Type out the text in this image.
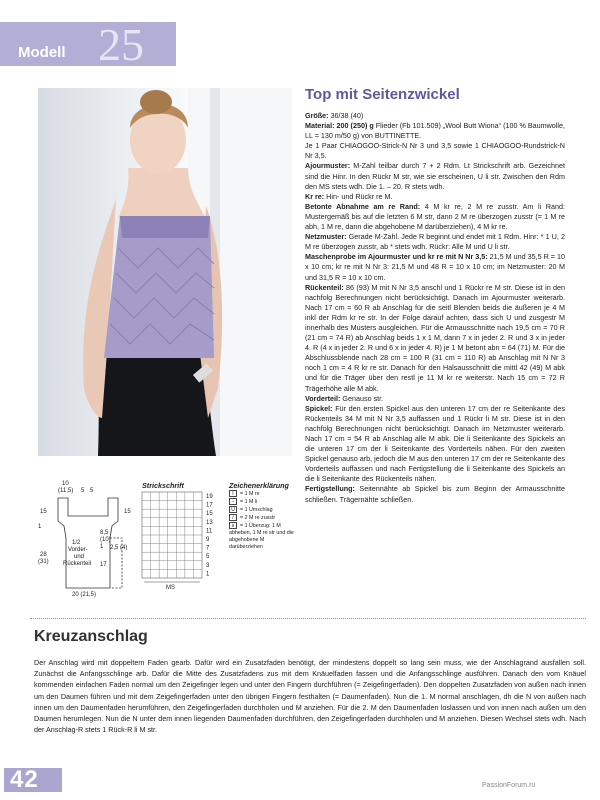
25
Modell
Top mit Seitenzwickel

Größe: 36/38 (40)

Material: 200 (250) g Flieder (Fb 101.509) „Wool Butt Wiona“ (100 % Baumwolle, LL = 130 m/50 g) von BUTTINETTE.

Je 1 Paar CHIAOGOO-Strick-N Nr 3 und 3,5 sowie 1 CHIAOGOO-Rundstrick-N Nr 3,5.

Ajourmuster: M-Zahl teilbar durch 7 + 2 Rdm. Lt Strickschrift arb. Gezeichnet sind die Hinr. In den Rückr M str, wie sie erscheinen, U li str. Zwischen den Rdm den MS stets wdh. Die 1. – 20. R stets wdh.

Kr re: Hin- und Rückr re M.

Betonte Abnahme am re Rand: 4 M kr re, 2 M re zusstr. Am li Rand: Mustergemäß bis auf die letzten 6 M str, dann 2 M re überzogen zusstr (= 1 M re abh, 1 M re, dann die abgehobene M darüberziehen), 4 M kr re.

Netzmuster: Gerade M-Zahl. Jede R beginnt und endet mit 1 Rdm. Hinr: * 1 U, 2 M re überzogen zusstr, ab * stets wdh. Rückr: Alle M und U li str.

Maschenprobe im Ajourmuster und kr re mit N Nr 3,5: 21,5 M und 35,5 R = 10 x 10 cm; kr re mit N Nr 3: 21,5 M und 48 R = 10 x 10 cm; im Netzmuster: 20 M und 31,5 R = 10 x 10 cm.

Rückenteil: 86 (93) M mit N Nr 3,5 anschl und 1 Rückr re M str. Diese ist in den nachfolg Berechnungen nicht berücksichtigt. Danach im Ajourmuster weiterarb. Nach 17 cm = 60 R ab Anschlag für die seitl Blenden beids die äußeren je 4 M inkl der Rdm kr re str. In der Folge darauf achten, dass sich U und zusgestr M innerhalb des Musters ausgleichen. Für die Armausschnitte nach 19,5 cm = 70 R (21 cm = 74 R) ab Anschlag beids 1 x 1 M, dann 7 x in jeder 2. R und 3 x in jeder 4. R (4 x in jeder 2. R und 6 x in jeder 4. R) je 1 M betont abn = 64 (71) M. Für die Abschlussblende nach 28 cm = 100 R (31 cm = 110 R) ab Anschlag mit N Nr 3 noch 1 cm = 4 R kr re str. Danach für den Halsausschnitt die mittl 42 (49) M abk und für die Träger über den restl je 11 M kr re weiterstr. Nach 15 cm = 72 R Trägerhöhe alle M abk.

Vorderteil: Genauso str.

Spickel: Für den ersten Spickel aus den unteren 17 cm der re Seitenkante des Rückenteils 34 M mit N Nr 3,5 auffassen und 1 Rückr li M str. Diese ist in den nachfolg Berechnungen nicht berücksichtigt. Danach im Netzmuster weiterarb. Nach 17 cm = 54 R ab Anschlag alle M abk. Die li Seitenkante des Spickels an die unteren 17 cm der li Seitenkante des Vorderteils nähen. Für den zweiten Spickel genauso arb, jedoch die M aus den unteren 17 cm der re Seitenkante des Vorderteils auffassen und nach Fertigstellung die li Seitenkante des Spickels an die li Seitenkante des Rückenteils nähen.

Fertigstellung: Seitennähte ab Spickel bis zum Beginn der Armausschnitte schließen. Trägernähte schließen.

10
(11,5) 5 5
15	15
1
8,5
(10)
1
28
(31)
1/2
Vorder-
und
Rückenteil
2,5 (4)
17
20 (21,5)
Strickschrift
19
17
15
13
11
9
7
5
3
1
MS
Zeichenerklärung
I = 1 M re
– = 1 M li
U = 1 Umschlag
/ = 2 M re zusstr
∧ = 1 Überzug: 1 M abheben, 1 M re str und die abgehobene M darüberziehen
Kreuzanschlag
Der Anschlag wird mit doppeltem Faden gearb. Dafür wird ein Zusatzfaden benötigt, der mindestens doppelt so lang sein muss, wie der Anschlagrand ausfallen soll. Zunächst die Anfangsschlinge arb. Dafür die Mitte des Zusatzfadens zus mit dem Knäuelfaden fassen und die Anfangsschlinge ausführen. Danach den vom Knäuel kommenden einfachen Faden normal um den Zeigefinger legen und unter den Fingern durchführen (= Zeigefingerfaden). Den doppelten Zusatzfaden von außen nach innen um den Daumen führen und mit dem Zeigefingerfaden unter den übrigen Fingern festhalten (= Daumenfaden). Nun die 1. M normal anschlagen, dh die N von außen nach innen um den Daumenfaden herumführen, den Zeigefingerfaden durchholen und M anziehen. Für die 2. M den Daumenfaden loslassen und von innen nach außen um den Daumen herumlegen. Nun die N unter dem innen liegenden Daumenfaden durchführen, den Zeigefingerfaden durchholen und M anziehen. Diesen Wechsel stets wdh. Nach der Anschlag-R stets 1 Rück-R li M str.
42	PassionForum.ru
